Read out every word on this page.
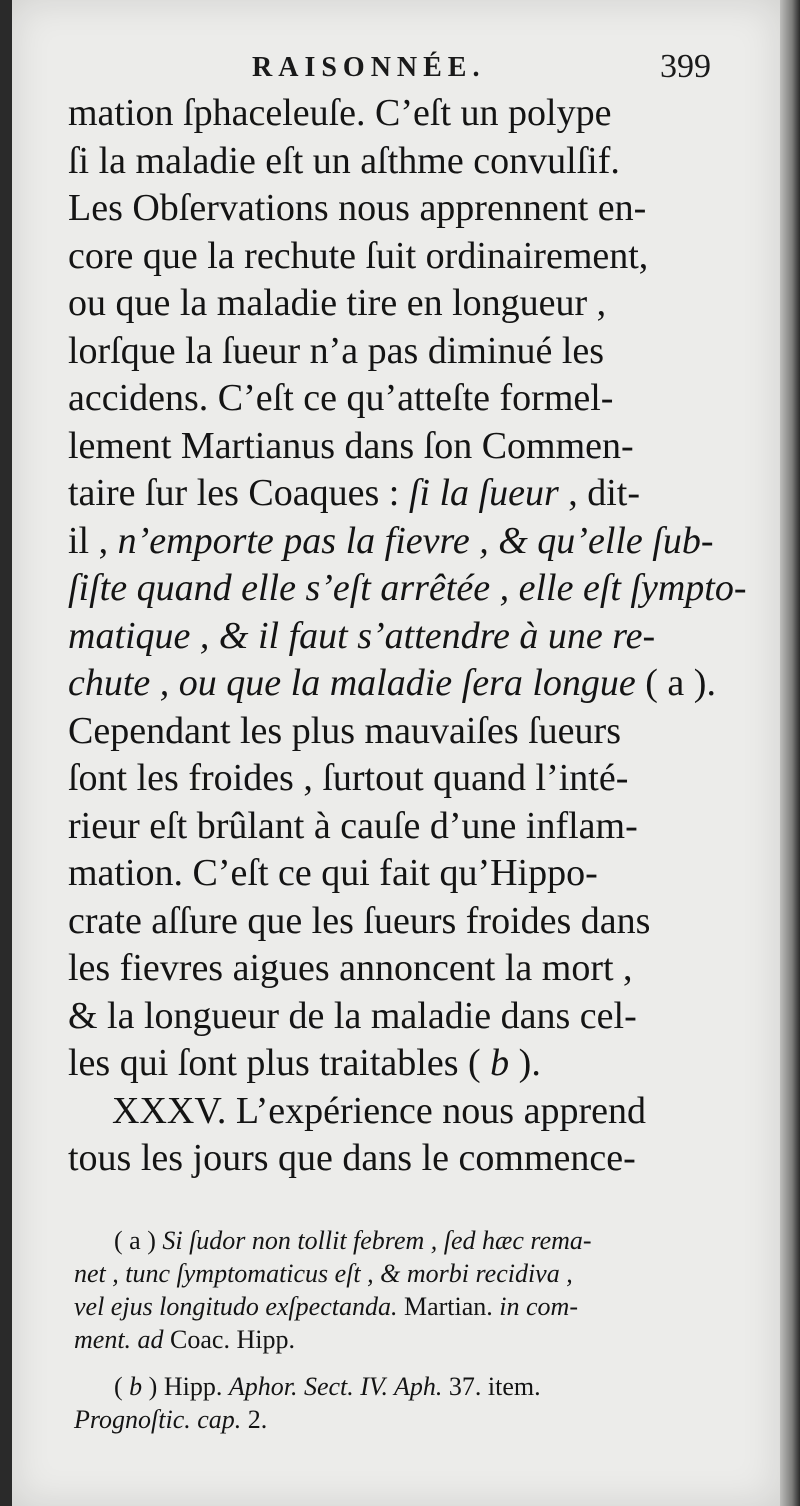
RAISONNÉE.	399
mation ſphaceleuſe. C’eſt un polype
ſi la maladie eſt un aſthme convulſif.
Les Obſervations nous apprennent en-
core que la rechute ſuit ordinairement,
ou que la maladie tire en longueur ,
lorſque la ſueur n’a pas diminué les
accidens. C’eſt ce qu’atteſte formel-
lement Martianus dans ſon Commen-
taire ſur les Coaques : ſi la ſueur , dit-
il , n’emporte pas la fievre , & qu’elle ſub-
ſiſte quand elle s’eſt arrêtée , elle eſt ſympto-
matique , & il faut s’attendre à une re-
chute , ou que la maladie ſera longue ( a ).
Cependant les plus mauvaiſes ſueurs
ſont les froides , ſurtout quand l’inté-
rieur eſt brûlant à cauſe d’une inflam-
mation. C’eſt ce qui fait qu’Hippo-
crate aſſure que les ſueurs froides dans
les fievres aigues annoncent la mort ,
& la longueur de la maladie dans cel-
les qui ſont plus traitables ( b ).
XXXV. L’expérience nous apprend
tous les jours que dans le commence-
( a ) Si ſudor non tollit febrem , ſed hæc rema-
net , tunc ſymptomaticus eſt , & morbi recidiva ,
vel ejus longitudo exſpectanda. Martian. in com-
ment. ad Coac. Hipp.
( b ) Hipp. Aphor. Sect. IV. Aph. 37. item.
Prognoſtic. cap. 2.
